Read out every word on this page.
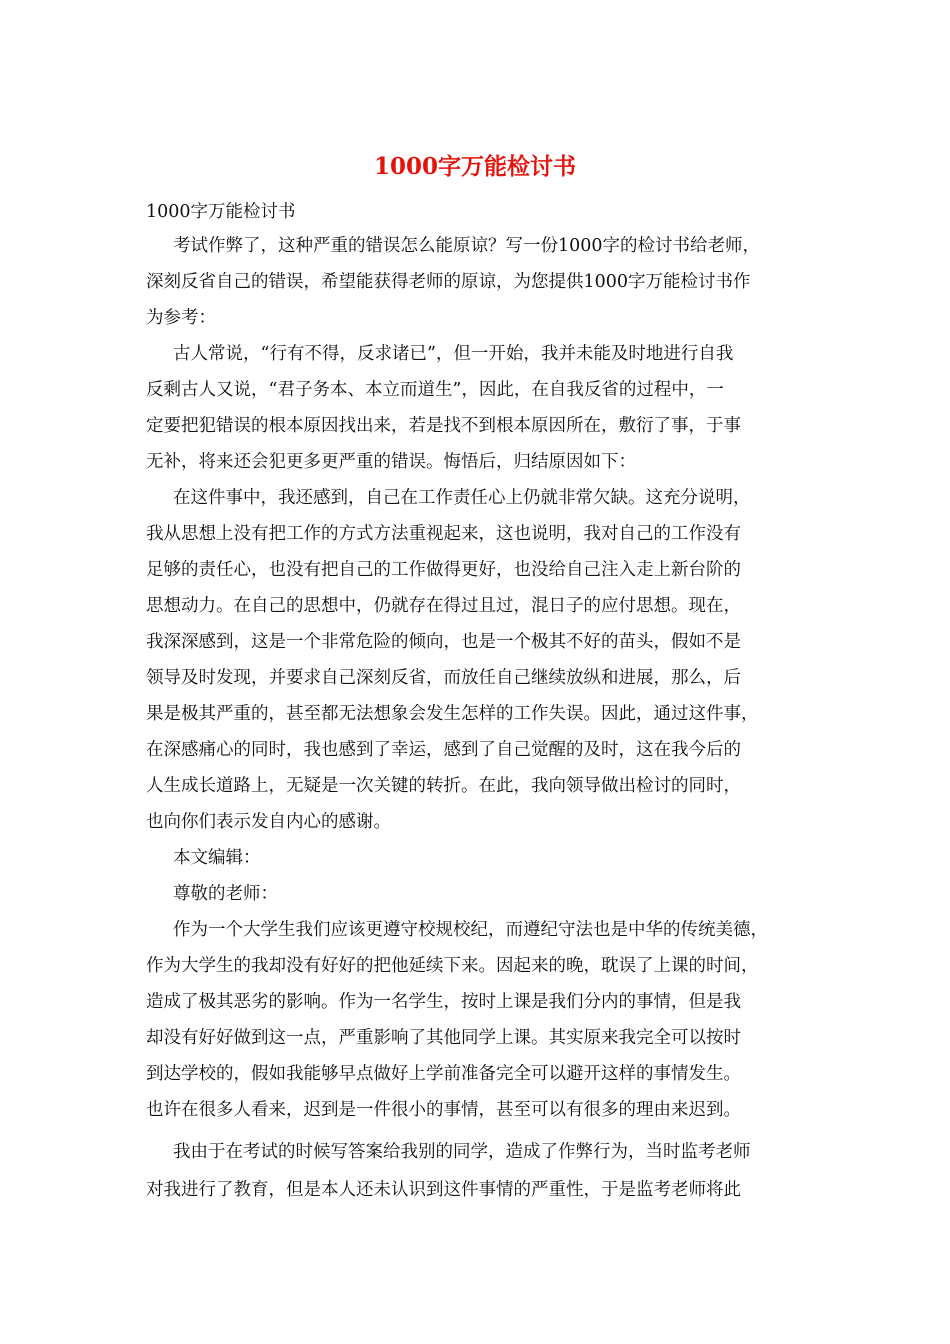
1000字万能检讨书
1000字万能检讨书
考试作弊了，这种严重的错误怎么能原谅？写一份1000字的检讨书给老师，
深刻反省自己的错误，希望能获得老师的原谅，为您提供1000字万能检讨书作
为参考：
古人常说，“行有不得，反求诸已”，但一开始，我并未能及时地进行自我
反剩古人又说，“君子务本、本立而道生”，因此，在自我反省的过程中，一
定要把犯错误的根本原因找出来，若是找不到根本原因所在，敷衍了事，于事
无补，将来还会犯更多更严重的错误。悔悟后，归结原因如下：
在这件事中，我还感到，自己在工作责任心上仍就非常欠缺。这充分说明，
我从思想上没有把工作的方式方法重视起来，这也说明，我对自己的工作没有
足够的责任心，也没有把自己的工作做得更好，也没给自己注入走上新台阶的
思想动力。在自己的思想中，仍就存在得过且过，混日子的应付思想。现在，
我深深感到，这是一个非常危险的倾向，也是一个极其不好的苗头，假如不是
领导及时发现，并要求自己深刻反省，而放任自己继续放纵和进展，那么，后
果是极其严重的，甚至都无法想象会发生怎样的工作失误。因此，通过这件事，
在深感痛心的同时，我也感到了幸运，感到了自己觉醒的及时，这在我今后的
人生成长道路上，无疑是一次关键的转折。在此，我向领导做出检讨的同时，
也向你们表示发自内心的感谢。
本文编辑：
尊敬的老师：
作为一个大学生我们应该更遵守校规校纪，而遵纪守法也是中华的传统美德，
作为大学生的我却没有好好的把他延续下来。因起来的晚，耽误了上课的时间，
造成了极其恶劣的影响。作为一名学生，按时上课是我们分内的事情，但是我
却没有好好做到这一点，严重影响了其他同学上课。其实原来我完全可以按时
到达学校的，假如我能够早点做好上学前准备完全可以避开这样的事情发生。
也许在很多人看来，迟到是一件很小的事情，甚至可以有很多的理由来迟到。
我由于在考试的时候写答案给我别的同学，造成了作弊行为，当时监考老师
对我进行了教育，但是本人还未认识到这件事情的严重性，于是监考老师将此
